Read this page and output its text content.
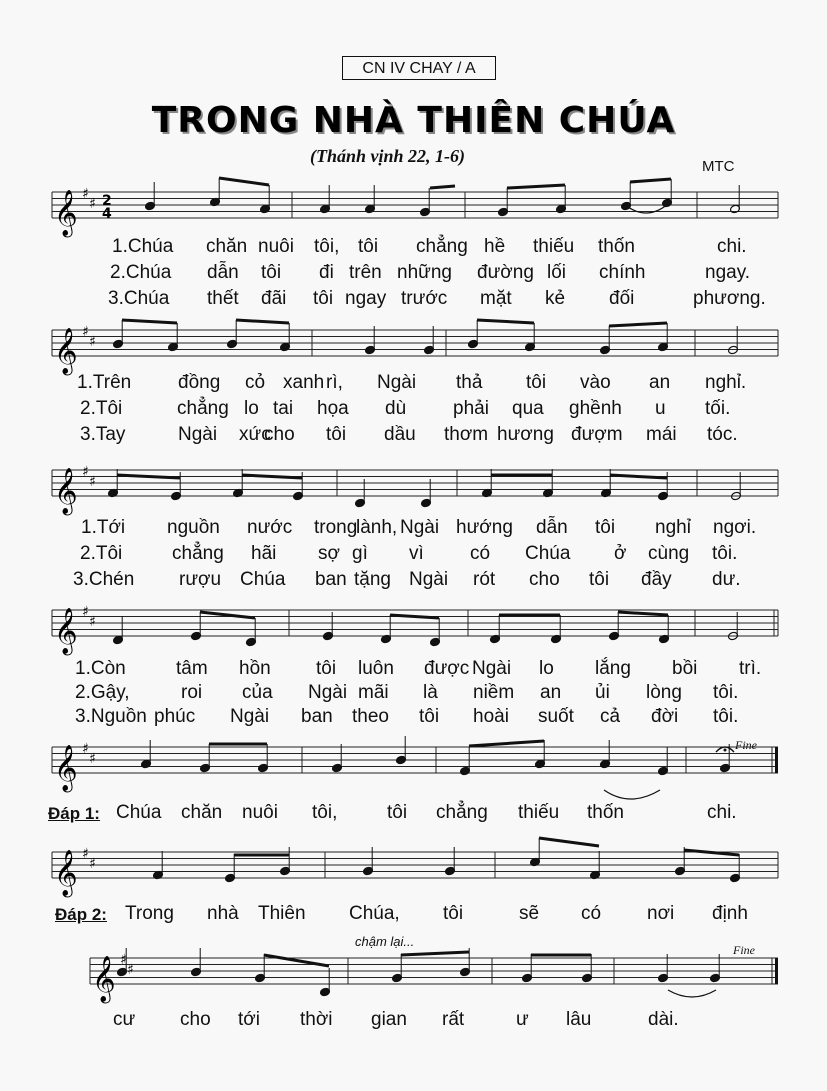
CN IV CHAY / A
TRONG NHÀ THIÊN CHÚA
(Thánh vịnh 22, 1-6)
MTC
𝄞 ♯
♯ 2
4
𝄞 ♯
♯
𝄞 ♯
♯
𝄞 ♯
♯
𝄞 ♯
♯
𝄞 ♯
♯
𝄞 ♯
♯
1.Chúa chăn nuôi tôi, tôi chẳng hề thiếu thốn	chi.
2.Chúa dẫn tôi đi trên những đường lối chính	ngay.
3.Chúa thết đãi tôi ngay trước mặt kẻ đối	phương.
1.Trên đồng cỏ xanh rì, Ngài thả tôi vào an nghỉ.
2.Tôi	chẳng lo tai họa dù phải qua ghềnh u tối.
3.Tay	Ngài xức
cho tôi dầu thơm hương đượm mái tóc.
1.Tới nguồn nước trong
lành, Ngài hướng dẫn tôi nghỉ ngơi.
2.Tôi	chẳng hãi sợ gì vì có Chúa ở cùng tôi.
3.Chén rượu Chúa ban tặng Ngài rót cho tôi đầy dư.
1.Còn	tâm hồn tôi luôn được Ngài lo lắng bồi trì.
2.Gậy,	roi của Ngài mãi là niềm an ủi lòng tôi.
3.Nguồn phúc Ngài ban theo tôi hoài suốt cả đời tôi.
Đáp 1: Chúa chăn nuôi tôi,	tôi chẳng thiếu thốn	chi.
Đáp 2: Trong nhà Thiên Chúa, tôi	sẽ có nơi định
cư cho tới thời gian rất	ư lâu	dài.
Fine
Fine
chậm lại...
